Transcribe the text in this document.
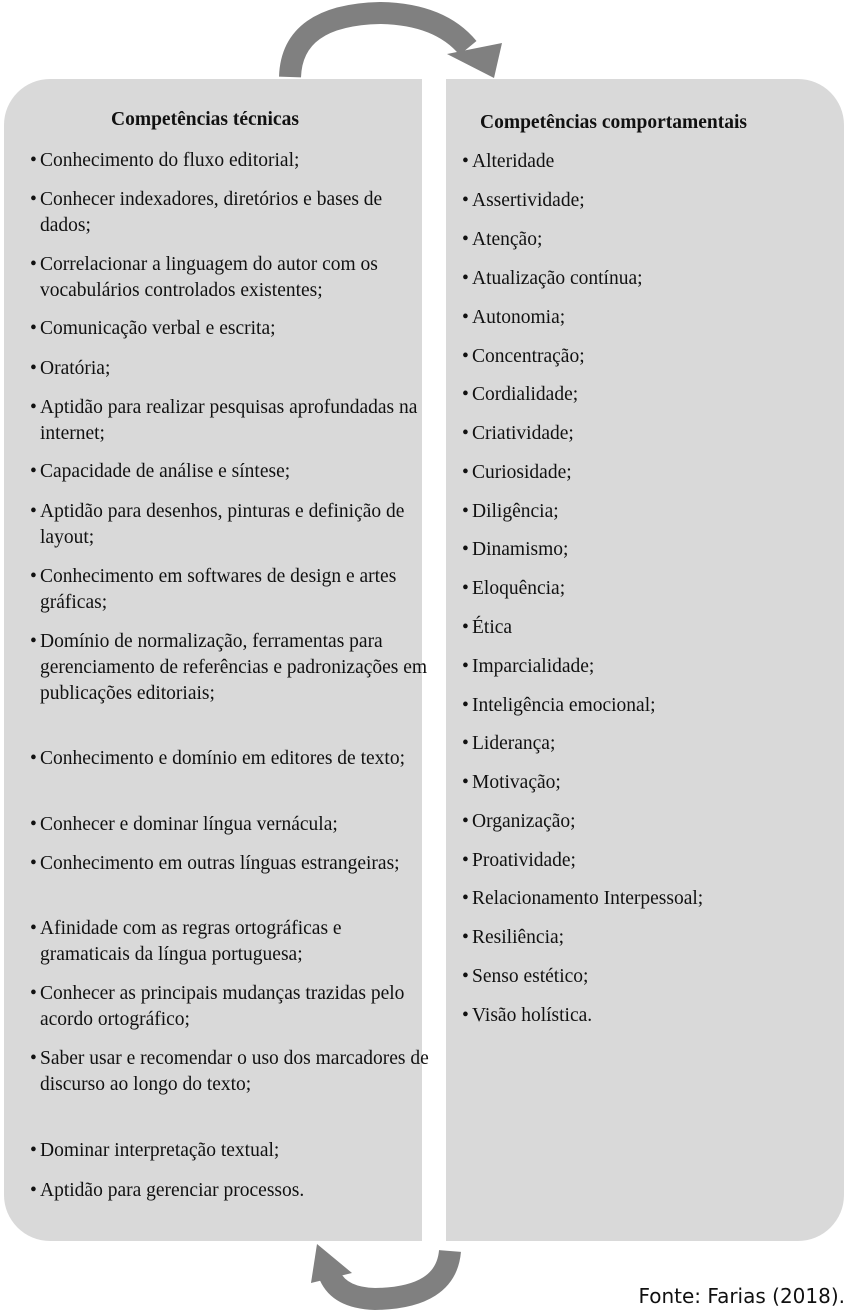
Competências técnicas
• Conhecimento do fluxo editorial;
• Conhecer indexadores, diretórios e bases de dados;
• Correlacionar a linguagem do autor com os vocabulários controlados existentes;
• Comunicação verbal e escrita;
• Oratória;
• Aptidão para realizar pesquisas aprofundadas na internet;
• Capacidade de análise e síntese;
• Aptidão para desenhos, pinturas e definição de layout;
• Conhecimento em softwares de design e artes gráficas;
• Domínio de normalização, ferramentas para gerenciamento de referências e padronizações em publicações editoriais;
• Conhecimento e domínio em editores de texto;
• Conhecer e dominar língua vernácula;
• Conhecimento em outras línguas estrangeiras;
• Afinidade com as regras ortográficas e gramaticais da língua portuguesa;
• Conhecer as principais mudanças trazidas pelo acordo ortográfico;
• Saber usar e recomendar o uso dos marcadores de discurso ao longo do texto;
• Dominar interpretação textual;
• Aptidão para gerenciar processos.
Competências comportamentais
• Alteridade
• Assertividade;
• Atenção;
• Atualização contínua;
• Autonomia;
• Concentração;
• Cordialidade;
• Criatividade;
• Curiosidade;
• Diligência;
• Dinamismo;
• Eloquência;
• Ética
• Imparcialidade;
• Inteligência emocional;
• Liderança;
• Motivação;
• Organização;
• Proatividade;
• Relacionamento Interpessoal;
• Resiliência;
• Senso estético;
• Visão holística.
Fonte: Farias (2018).
